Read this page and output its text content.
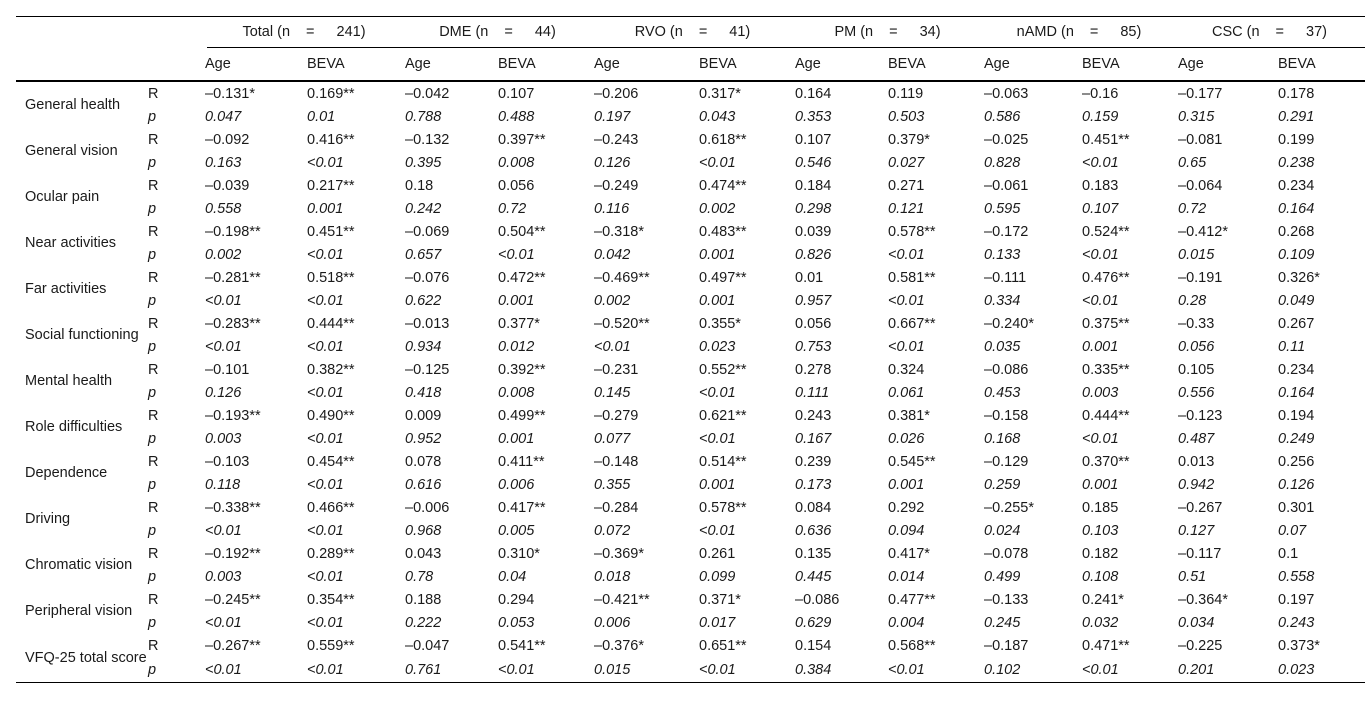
		Total (n = 241)		DME (n = 44)		RVO (n = 41)		PM (n = 34)		nAMD (n = 85)		CSC (n = 37)	

		Age	BEVA	Age	BEVA	Age	BEVA	Age	BEVA	Age	BEVA	Age	BEVA
General health	R	–0.131*	0.169**	–0.042	0.107	–0.206	0.317*	0.164	0.119	–0.063	–0.16	–0.177	0.178
	p	0.047	0.01	0.788	0.488	0.197	0.043	0.353	0.503	0.586	0.159	0.315	0.291
General vision	R	–0.092	0.416**	–0.132	0.397**	–0.243	0.618**	0.107	0.379*	–0.025	0.451**	–0.081	0.199
	p	0.163	<0.01	0.395	0.008	0.126	<0.01	0.546	0.027	0.828	<0.01	0.65	0.238
Ocular pain	R	–0.039	0.217**	0.18	0.056	–0.249	0.474**	0.184	0.271	–0.061	0.183	–0.064	0.234
	p	0.558	0.001	0.242	0.72	0.116	0.002	0.298	0.121	0.595	0.107	0.72	0.164
Near activities	R	–0.198**	0.451**	–0.069	0.504**	–0.318*	0.483**	0.039	0.578**	–0.172	0.524**	–0.412*	0.268
	p	0.002	<0.01	0.657	<0.01	0.042	0.001	0.826	<0.01	0.133	<0.01	0.015	0.109
Far activities	R	–0.281**	0.518**	–0.076	0.472**	–0.469**	0.497**	0.01	0.581**	–0.111	0.476**	–0.191	0.326*
	p	<0.01	<0.01	0.622	0.001	0.002	0.001	0.957	<0.01	0.334	<0.01	0.28	0.049
Social functioning	R	–0.283**	0.444**	–0.013	0.377*	–0.520**	0.355*	0.056	0.667**	–0.240*	0.375**	–0.33	0.267
	p	<0.01	<0.01	0.934	0.012	<0.01	0.023	0.753	<0.01	0.035	0.001	0.056	0.11
Mental health	R	–0.101	0.382**	–0.125	0.392**	–0.231	0.552**	0.278	0.324	–0.086	0.335**	0.105	0.234
	p	0.126	<0.01	0.418	0.008	0.145	<0.01	0.111	0.061	0.453	0.003	0.556	0.164
Role difficulties	R	–0.193**	0.490**	0.009	0.499**	–0.279	0.621**	0.243	0.381*	–0.158	0.444**	–0.123	0.194
	p	0.003	<0.01	0.952	0.001	0.077	<0.01	0.167	0.026	0.168	<0.01	0.487	0.249
Dependence	R	–0.103	0.454**	0.078	0.411**	–0.148	0.514**	0.239	0.545**	–0.129	0.370**	0.013	0.256
	p	0.118	<0.01	0.616	0.006	0.355	0.001	0.173	0.001	0.259	0.001	0.942	0.126
Driving	R	–0.338**	0.466**	–0.006	0.417**	–0.284	0.578**	0.084	0.292	–0.255*	0.185	–0.267	0.301
	p	<0.01	<0.01	0.968	0.005	0.072	<0.01	0.636	0.094	0.024	0.103	0.127	0.07
Chromatic vision	R	–0.192**	0.289**	0.043	0.310*	–0.369*	0.261	0.135	0.417*	–0.078	0.182	–0.117	0.1
	p	0.003	<0.01	0.78	0.04	0.018	0.099	0.445	0.014	0.499	0.108	0.51	0.558
Peripheral vision	R	–0.245**	0.354**	0.188	0.294	–0.421**	0.371*	–0.086	0.477**	–0.133	0.241*	–0.364*	0.197
	p	<0.01	<0.01	0.222	0.053	0.006	0.017	0.629	0.004	0.245	0.032	0.034	0.243
VFQ-25 total score	R	–0.267**	0.559**	–0.047	0.541**	–0.376*	0.651**	0.154	0.568**	–0.187	0.471**	–0.225	0.373*
	p	<0.01	<0.01	0.761	<0.01	0.015	<0.01	0.384	<0.01	0.102	<0.01	0.201	0.023
